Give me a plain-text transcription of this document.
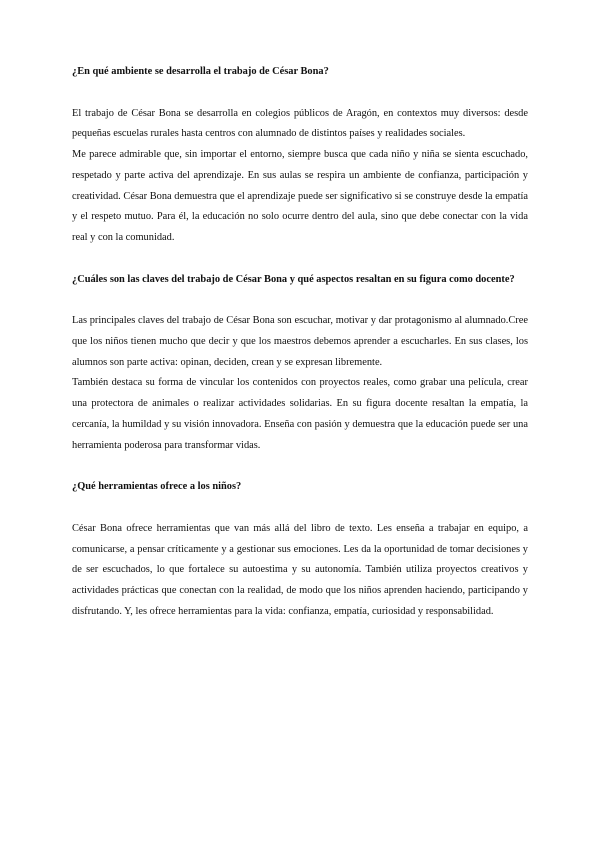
¿En qué ambiente se desarrolla el trabajo de César Bona?

El trabajo de César Bona se desarrolla en colegios públicos de Aragón, en contextos muy diversos: desde pequeñas escuelas rurales hasta centros con alumnado de distintos países y realidades sociales.

Me parece admirable que, sin importar el entorno, siempre busca que cada niño y niña se sienta escuchado, respetado y parte activa del aprendizaje. En sus aulas se respira un ambiente de confianza, participación y creatividad. César Bona demuestra que el aprendizaje puede ser significativo si se construye desde la empatía y el respeto mutuo. Para él, la educación no solo ocurre dentro del aula, sino que debe conectar con la vida real y con la comunidad.

¿Cuáles son las claves del trabajo de César Bona y qué aspectos resaltan en su figura como docente?

Las principales claves del trabajo de César Bona son escuchar, motivar y dar protagonismo al alumnado.Cree que los niños tienen mucho que decir y que los maestros debemos aprender a escucharles. En sus clases, los alumnos son parte activa: opinan, deciden, crean y se expresan libremente.

También destaca su forma de vincular los contenidos con proyectos reales, como grabar una película, crear una protectora de animales o realizar actividades solidarias. En su figura docente resaltan la empatía, la cercanía, la humildad y su visión innovadora. Enseña con pasión y demuestra que la educación puede ser una herramienta poderosa para transformar vidas.

¿Qué herramientas ofrece a los niños?

César Bona ofrece herramientas que van más allá del libro de texto. Les enseña a trabajar en equipo, a comunicarse, a pensar críticamente y a gestionar sus emociones. Les da la oportunidad de tomar decisiones y de ser escuchados, lo que fortalece su autoestima y su autonomía. También utiliza proyectos creativos y actividades prácticas que conectan con la realidad, de modo que los niños aprenden haciendo, participando y disfrutando. Y, les ofrece herramientas para la vida: confianza, empatía, curiosidad y responsabilidad.
